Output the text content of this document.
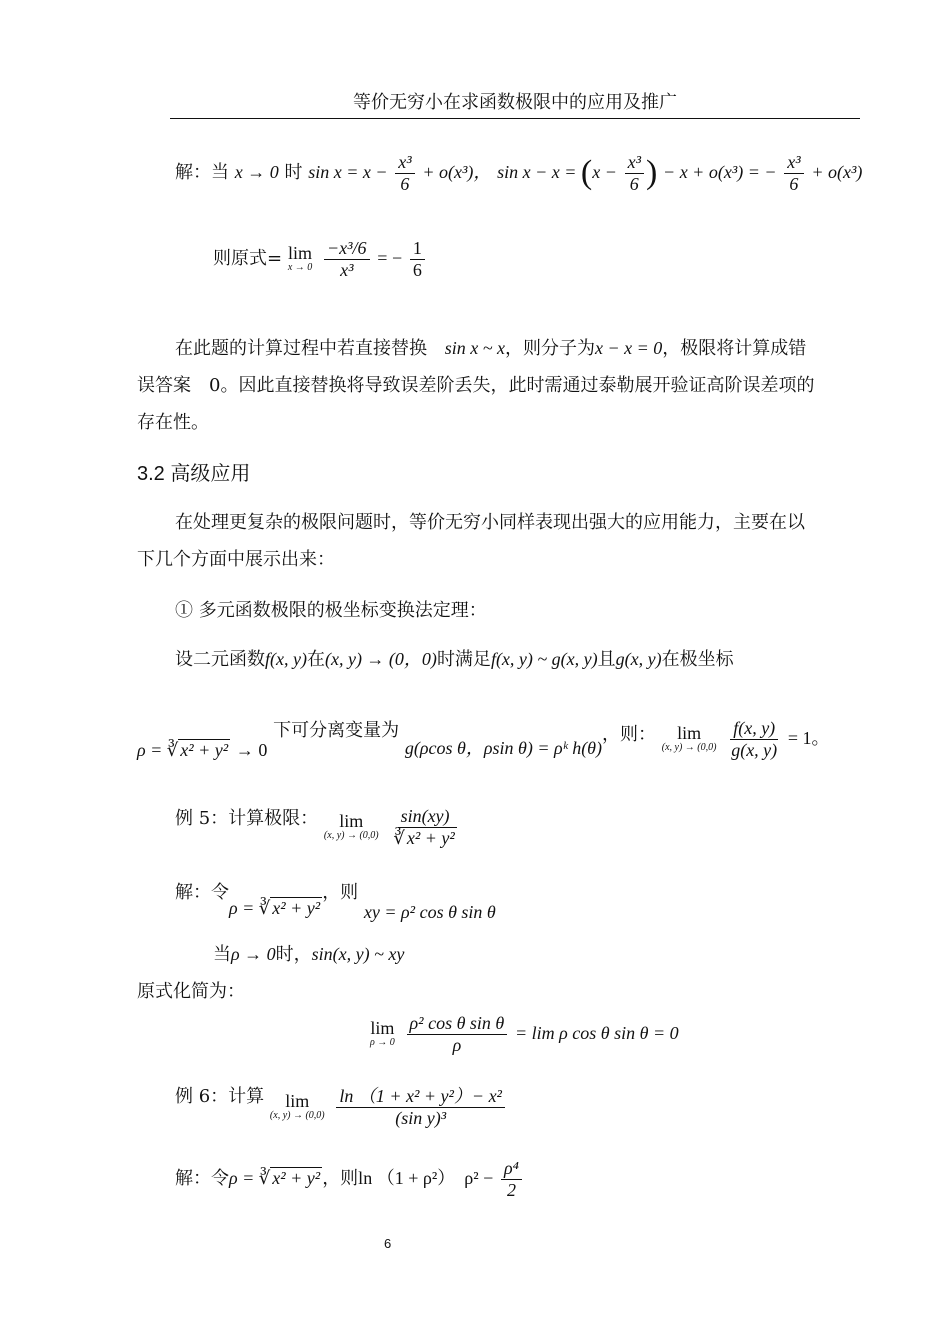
等价无穷小在求函数极限中的应用及推广
解：当 x → 0 时 $\sin x = x - \frac{\text{x³}}{6} + o(x^3)$， $\sin x - x = (x - \frac{\text{x³}}{6}$ ) − x + o(x³) = − $\frac{\text{x³}}{6} + o(x^3)$
则原式= lim
x → 0
$\frac{\text{−x³/6}}{\text{x³}}$ = − $\frac{1}{6}$
在此题的计算过程中若直接替换 sin x ~ x，则分子为x − x = 0，极限将计算成错
误答案　0。因此直接替换将导致误差阶丢失，此时需通过泰勒展开验证高阶误差项的
存在性。
3.2 高级应用
在处理更复杂的极限问题时，等价无穷小同样表现出强大的应用能力，主要在以
下几个方面中展示出来：
① 多元函数极限的极坐标变换法定理：
设二元函数f(x, y)在(x, y) → (0，0)时满足f(x, y) ~ g(x, y)且g(x, y)在极坐标
ρ = ∛ x² + y² → 0 下可分离变量为 g(ρcos θ，ρsin θ) = ρᵏ h(θ)，则： lim
(x, y) → (0,0)
$\frac{f(x, y)}{g(x, y)} = 1$。
例 5：计算极限： lim
(x, y) → (0,0)
$\frac{\sin(xy)}{\text{∛ x² + y²}}$
解：令ρ = ∛ x² + y²，则 xy = ρ² cos θ sin θ
当ρ → 0时，sin(x, y) ~ xy
原式化简为：
lim
ρ → 0
$\frac{\text{ρ² cos θ sin θ}}{\rho} = \lim \rho$ cos θ sin θ = 0
例 6：计算 lim
(x, y) → (0,0)
$\frac{\text{ln （1 + x² + y²）− x²}}{\text{(sin y)³}}$
解：令ρ = ∛ x² + y² ，则ln （1 + ρ²）　$\rho^2 - \frac{\text{ρ⁴}}{2}$
6
